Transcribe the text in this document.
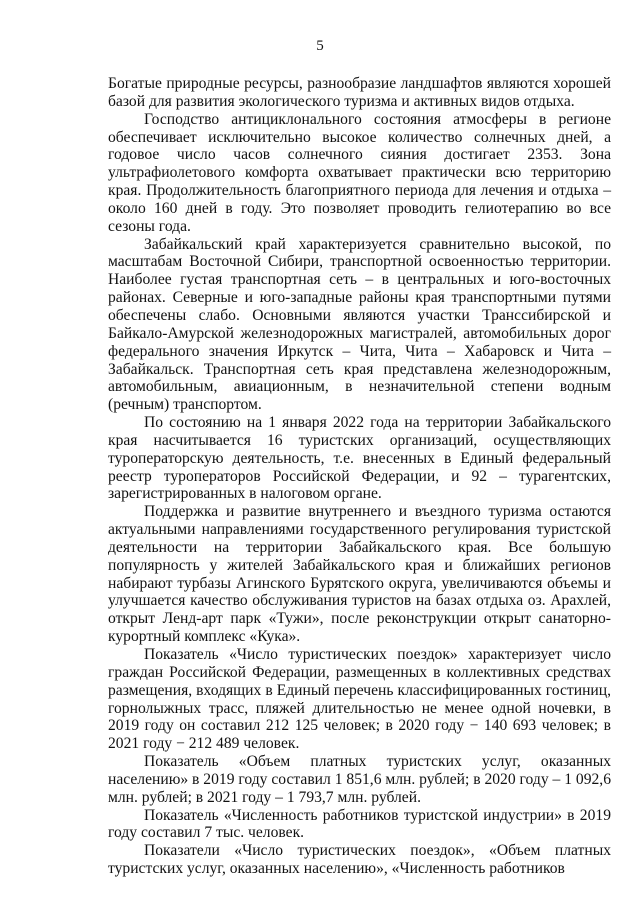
5

Богатые природные ресурсы, разнообразие ландшафтов являются хорошей базой для развития экологического туризма и активных видов отдыха.

Господство антициклонального состояния атмосферы в регионе обеспечивает исключительно высокое количество солнечных дней, а годовое число часов солнечного сияния достигает 2353. Зона ультрафиолетового комфорта охватывает практически всю территорию края. Продолжительность благоприятного периода для лечения и отдыха – около 160 дней в году. Это позволяет проводить гелиотерапию во все сезоны года.

Забайкальский край характеризуется сравнительно высокой, по масштабам Восточной Сибири, транспортной освоенностью территории. Наиболее густая транспортная сеть – в центральных и юго-восточных районах. Северные и юго-западные районы края транспортными путями обеспечены слабо. Основными являются участки Транссибирской и Байкало-Амурской железнодорожных магистралей, автомобильных дорог федерального значения Иркутск – Чита, Чита – Хабаровск и Чита – Забайкальск. Транспортная сеть края представлена железнодорожным, автомобильным, авиационным, в незначительной степени водным (речным) транспортом.

По состоянию на 1 января 2022 года на территории Забайкальского края насчитывается 16 туристских организаций, осуществляющих туроператорскую деятельность, т.е. внесенных в Единый федеральный реестр туроператоров Российской Федерации, и 92 – турагентских, зарегистрированных в налоговом органе.

Поддержка и развитие внутреннего и въездного туризма остаются актуальными направлениями государственного регулирования туристской деятельности на территории Забайкальского края. Все большую популярность у жителей Забайкальского края и ближайших регионов набирают турбазы Агинского Бурятского округа, увеличиваются объемы и улучшается качество обслуживания туристов на базах отдыха оз. Арахлей, открыт Ленд-арт парк «Тужи», после реконструкции открыт санаторно-курортный комплекс «Кука».

Показатель «Число туристических поездок» характеризует число граждан Российской Федерации, размещенных в коллективных средствах размещения, входящих в Единый перечень классифицированных гостиниц, горнолыжных трасс, пляжей длительностью не менее одной ночевки, в 2019 году он составил 212 125 человек; в 2020 году − 140 693 человек; в 2021 году − 212 489 человек.

Показатель «Объем платных туристских услуг, оказанных населению» в 2019 году составил 1 851,6 млн. рублей; в 2020 году – 1 092,6 млн. рублей; в 2021 году – 1 793,7 млн. рублей.

Показатель «Численность работников туристской индустрии» в 2019 году составил 7 тыс. человек.

Показатели «Число туристических поездок», «Объем платных туристских услуг, оказанных населению», «Численность работников
